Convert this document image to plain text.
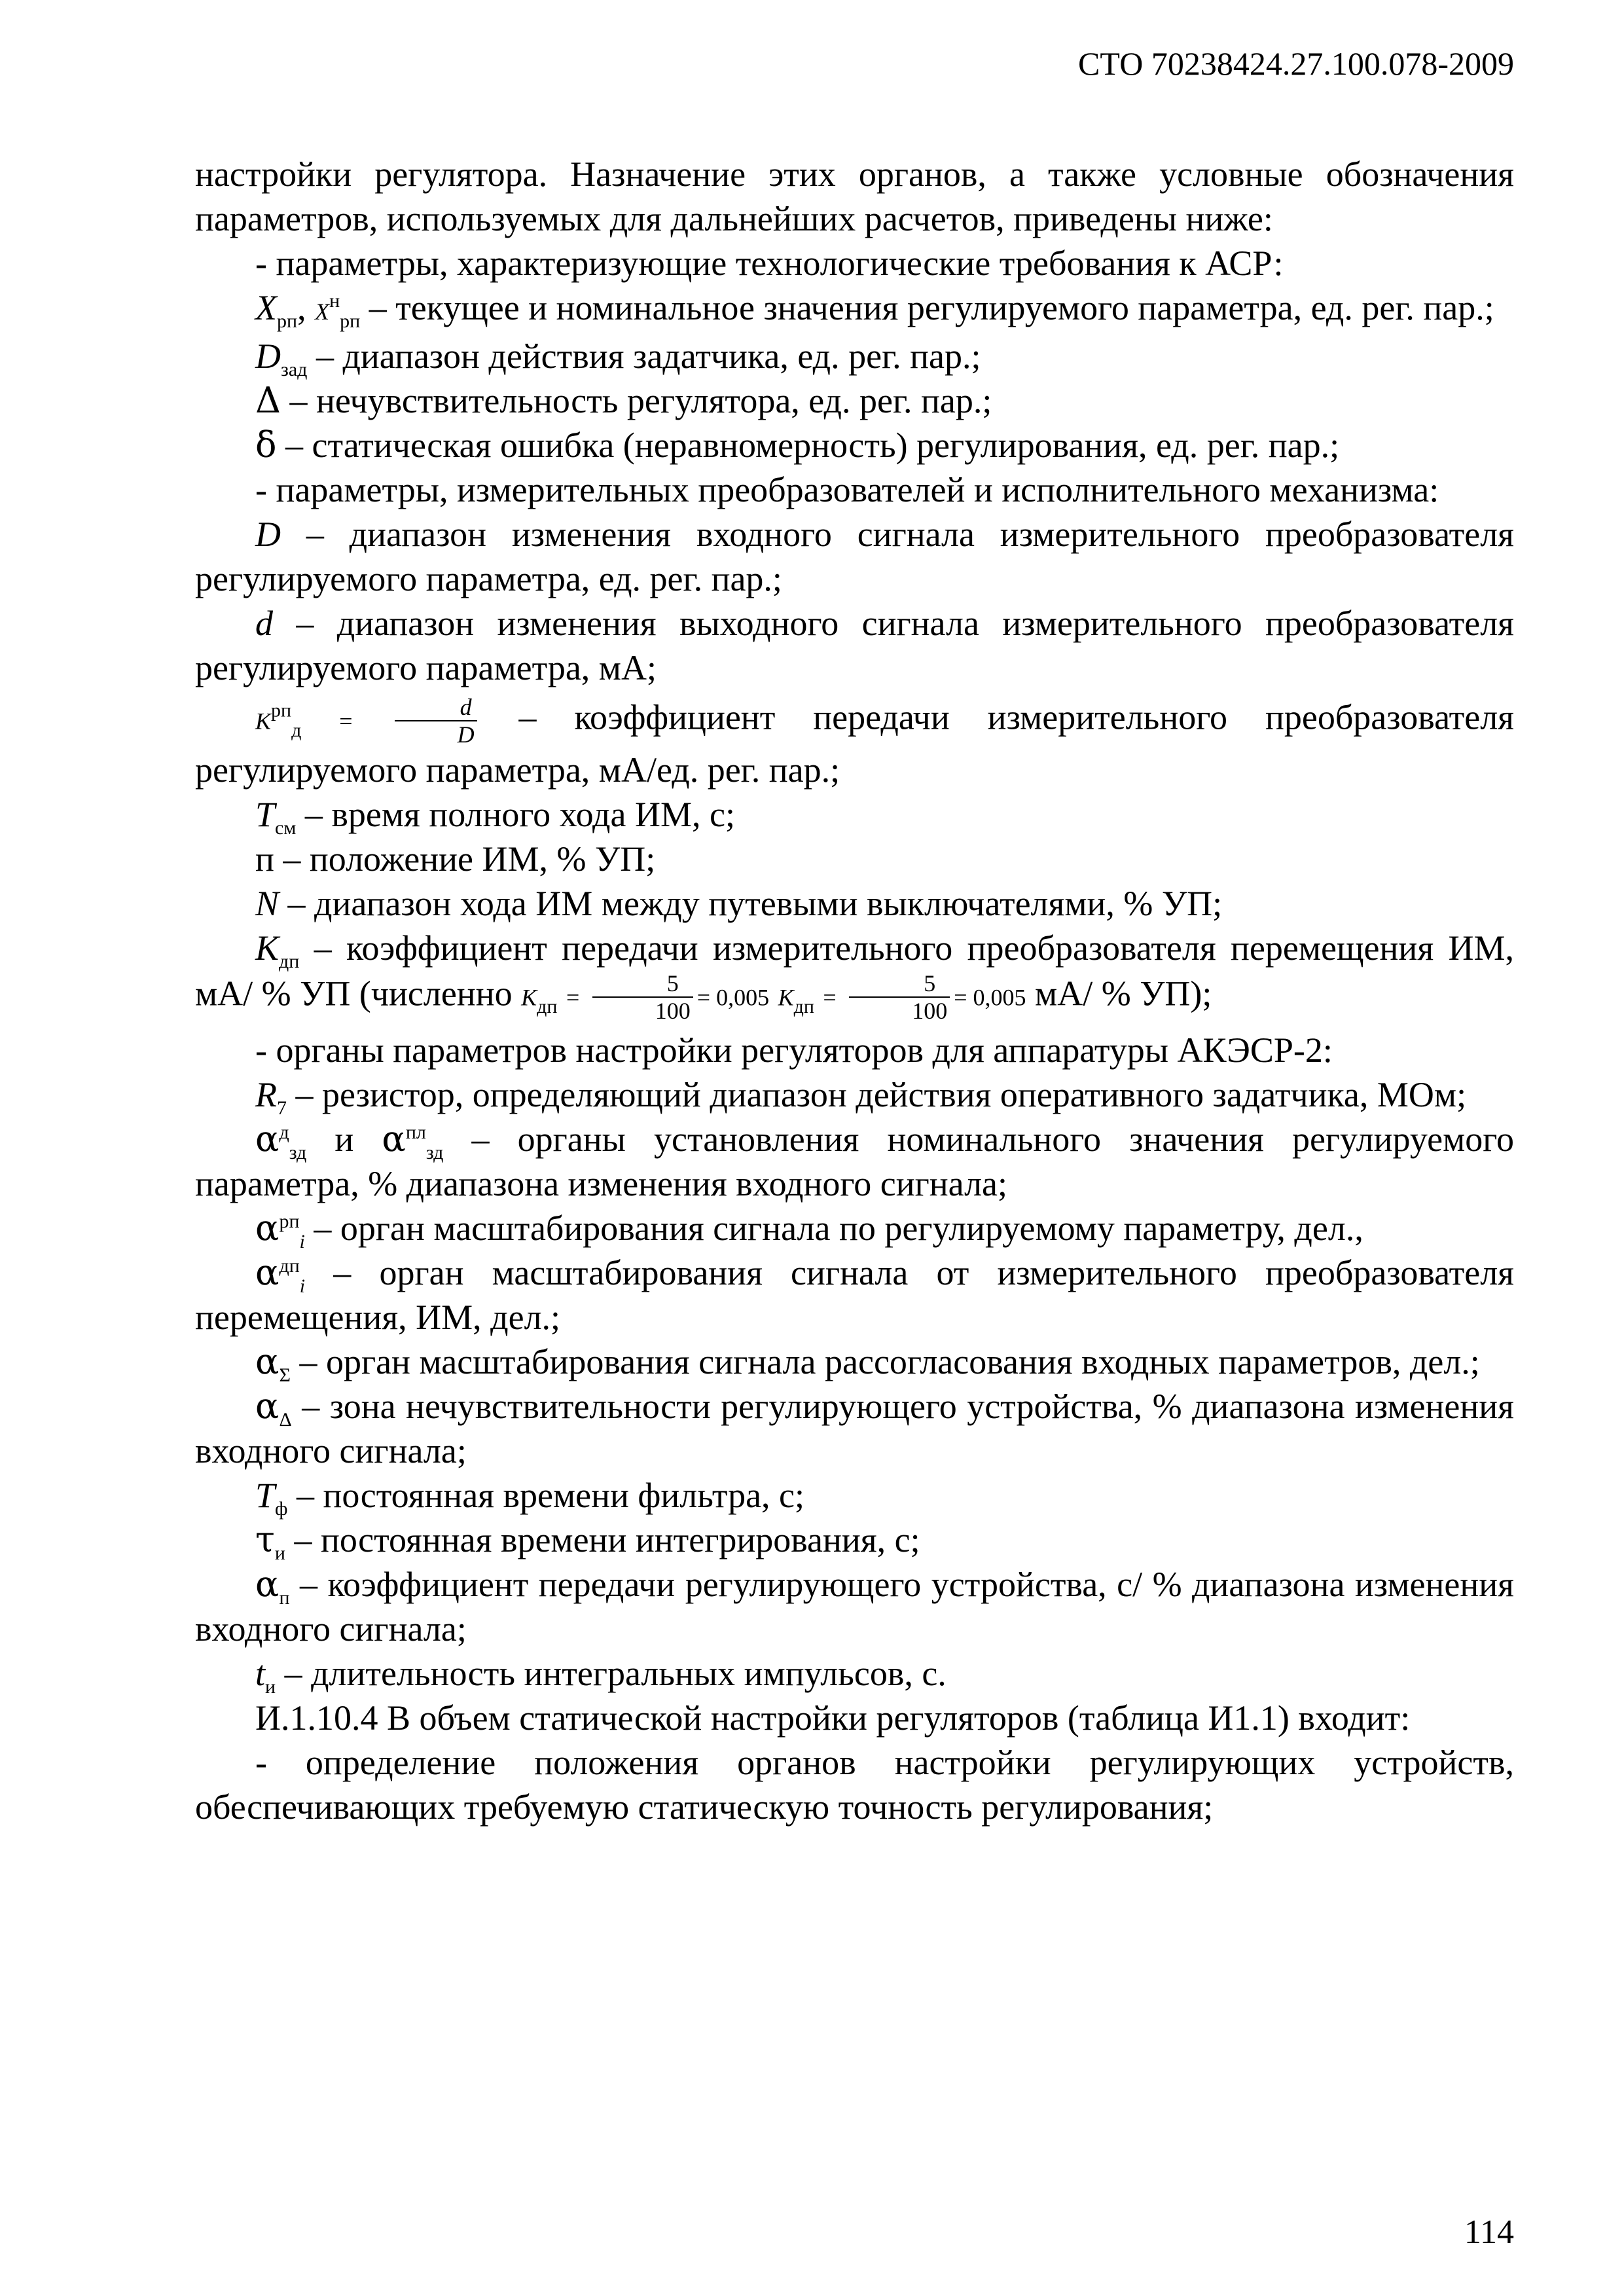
СТО 70238424.27.100.078-2009

настройки регулятора. Назначение этих органов, а также условные обозначения параметров, используемых для дальнейших расчетов, приведены ниже:

- параметры, характеризующие технологические требования к АСР:

$X_{рп}$, $X^н_{рп}$ – текущее и номинальное значения регулируемого параметра, ед. рег. пар.;

$D_{зад}$ – диапазон действия задатчика, ед. рег. пар.;

Δ – нечувствительность регулятора, ед. рег. пар.;

δ – статическая ошибка (неравномерность) регулирования, ед. рег. пар.;

- параметры, измерительных преобразователей и исполнительного механизма:

D – диапазон изменения входного сигнала измерительного преобразователя регулируемого параметра, ед. рег. пар.;

d – диапазон изменения выходного сигнала измерительного преобразователя регулируемого параметра, мА;

$K^{рп}_д = \frac{d}{D}$ – коэффициент передачи измерительного преобразователя регулируемого параметра, мА/ед. рег. пар.;

$T_{см}$ – время полного хода ИМ, с;

п – положение ИМ, % УП;

N – диапазон хода ИМ между путевыми выключателями, % УП;

$K_{дп}$ – коэффициент передачи измерительного преобразователя перемещения ИМ, мА/ % УП (численно $K_{дп} = \frac{5}{100} = 0,005$ $K_{дп} = \frac{5}{100} = 0,005$ мА/ % УП);

- органы параметров настройки регуляторов для аппаратуры АКЭСР-2:

$R_7$ – резистор, определяющий диапазон действия оперативного задатчика, МОм;

$\alpha^д_{зд}$ и $\alpha^{пл}_{зд}$ – органы установления номинального значения регулируемого параметра, % диапазона изменения входного сигнала;

$\alpha^{рп}_i$ – орган масштабирования сигнала по регулируемому параметру, дел.,

$\alpha^{дп}_i$ – орган масштабирования сигнала от измерительного преобразователя перемещения, ИМ, дел.;

$\alpha_\Sigma$ – орган масштабирования сигнала рассогласования входных параметров, дел.;

$\alpha_\Delta$ – зона нечувствительности регулирующего устройства, % диапазона изменения входного сигнала;

$T_ф$ – постоянная времени фильтра, с;

$\tau_и$ – постоянная времени интегрирования, с;

$\alpha_п$ – коэффициент передачи регулирующего устройства, с/ % диапазона изменения входного сигнала;

$t_и$ – длительность интегральных импульсов, с.

И.1.10.4 В объем статической настройки регуляторов (таблица И1.1) входит:

- определение положения органов настройки регулирующих устройств, обеспечивающих требуемую статическую точность регулирования;

114
